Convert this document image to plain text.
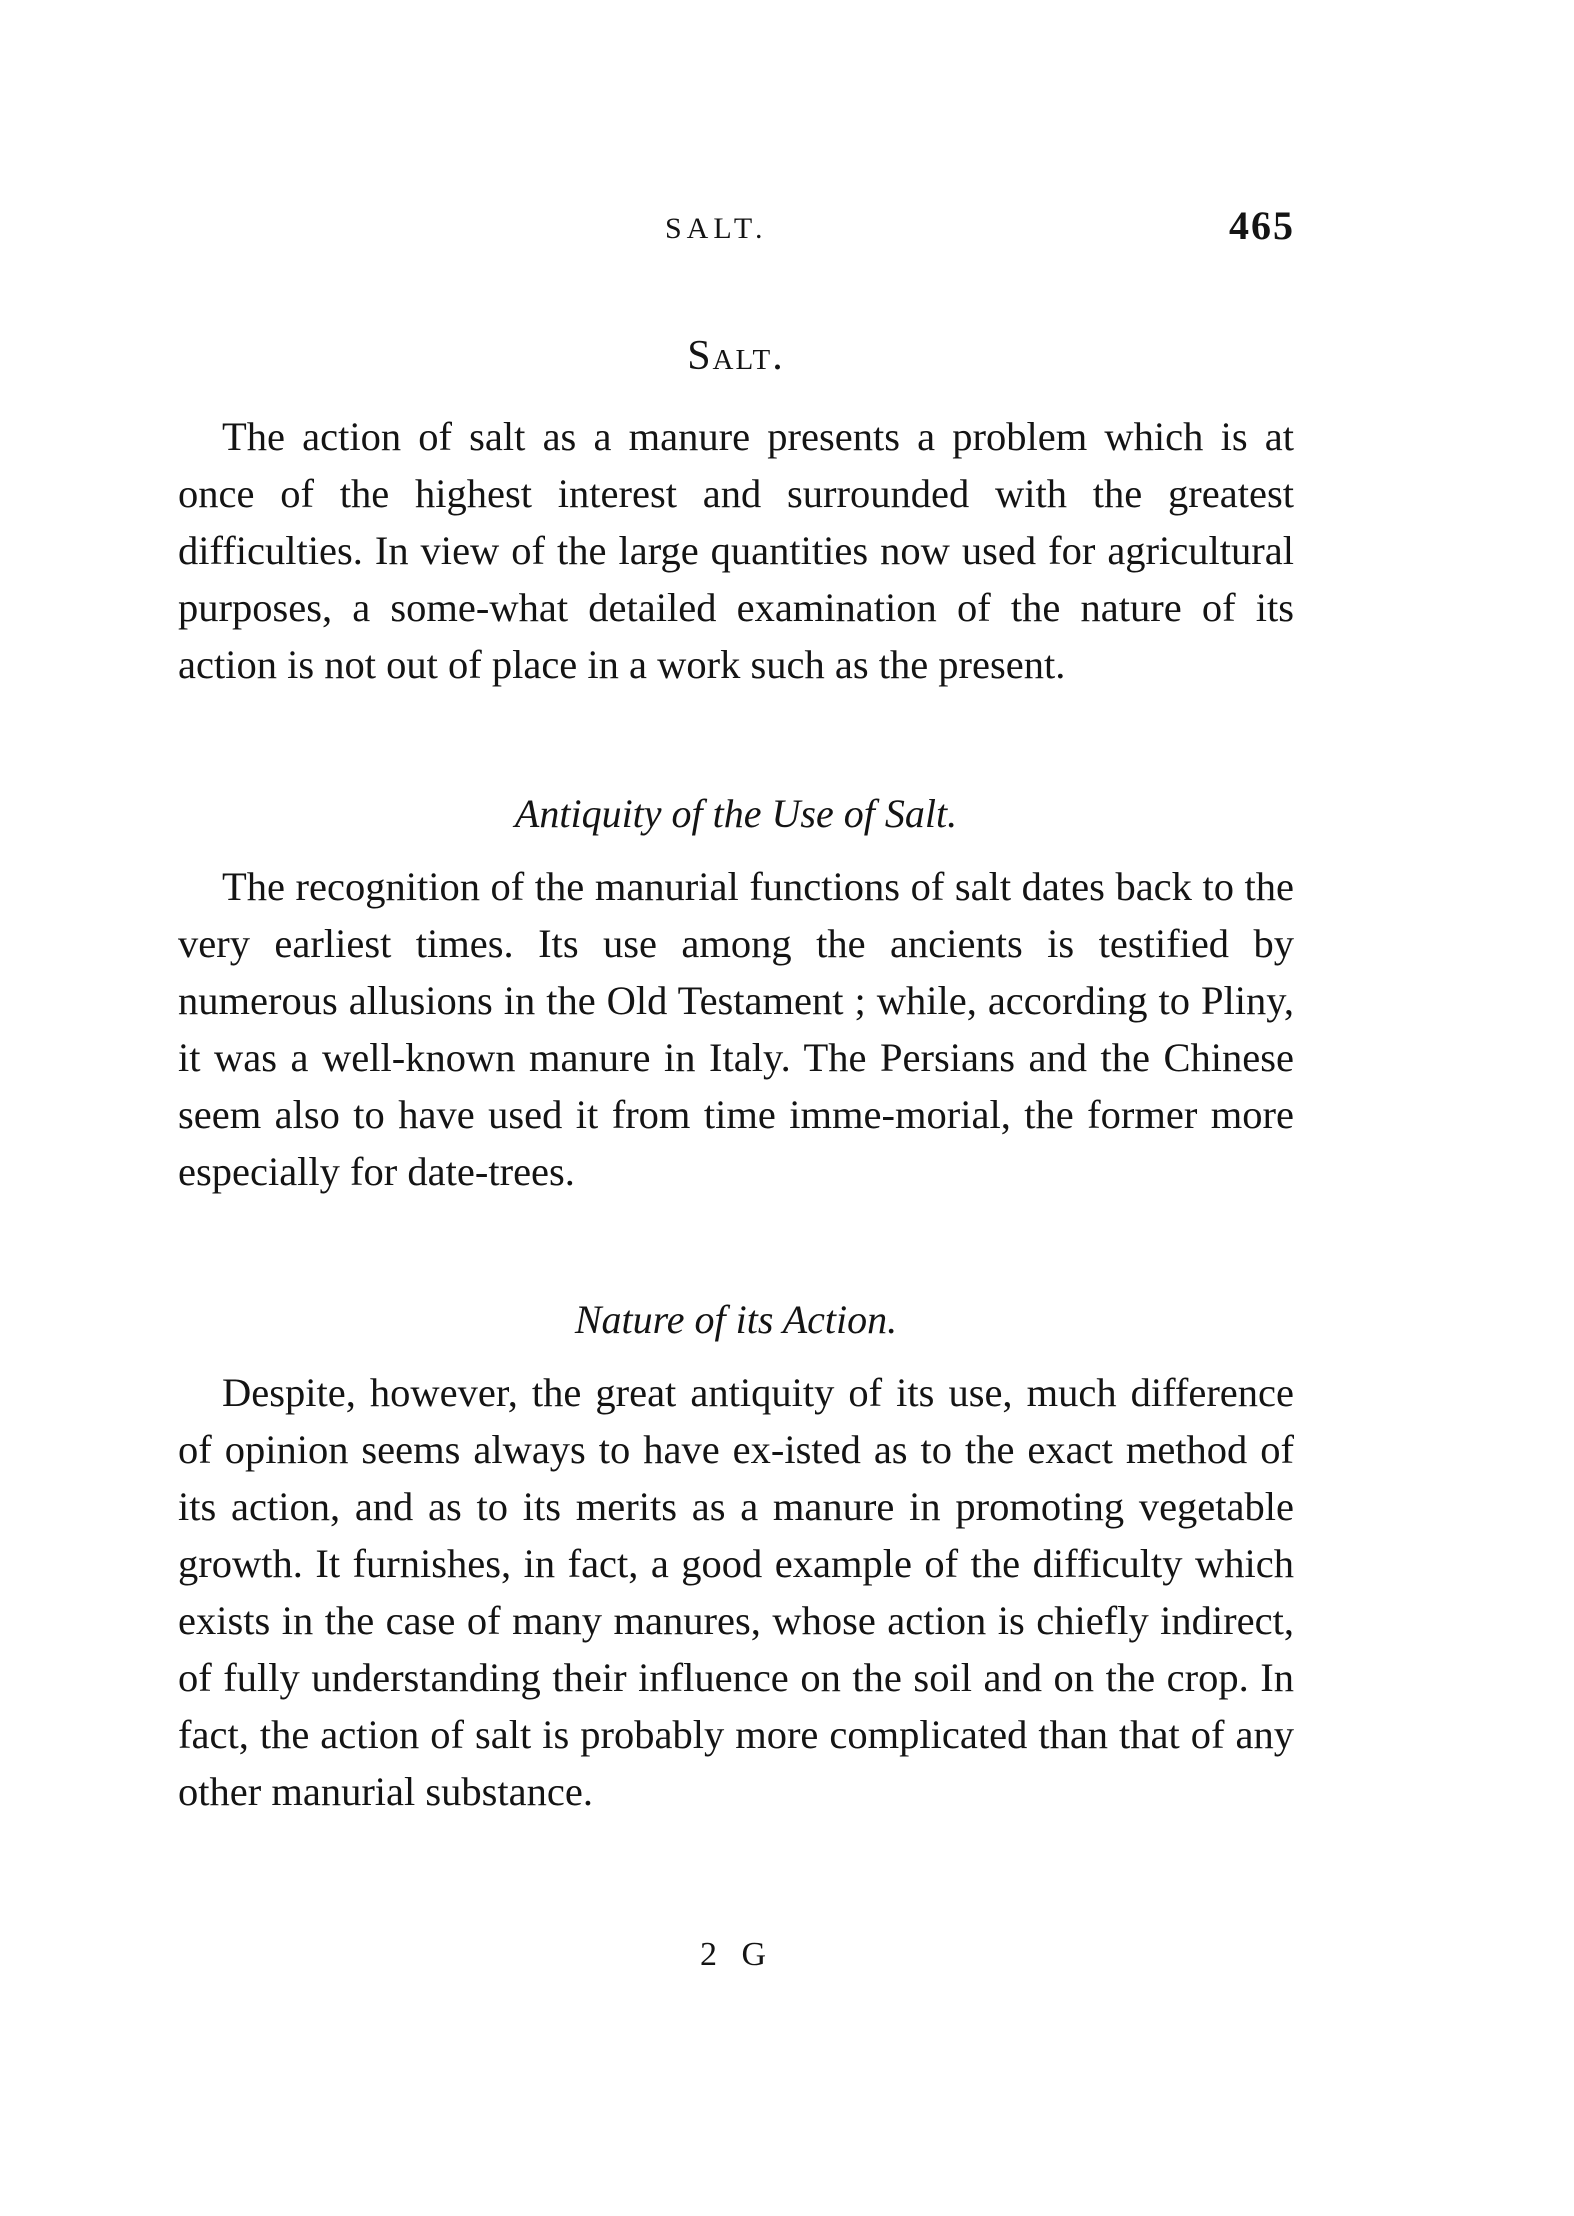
SALT.	465
Salt.

The action of salt as a manure presents a problem which is at once of the highest interest and surrounded with the greatest difficulties. In view of the large quantities now used for agricultural purposes, a some-what detailed examination of the nature of its action is not out of place in a work such as the present.

Antiquity of the Use of Salt.

The recognition of the manurial functions of salt dates back to the very earliest times. Its use among the ancients is testified by numerous allusions in the Old Testament ; while, according to Pliny, it was a well-known manure in Italy. The Persians and the Chinese seem also to have used it from time imme-morial, the former more especially for date-trees.

Nature of its Action.

Despite, however, the great antiquity of its use, much difference of opinion seems always to have ex-isted as to the exact method of its action, and as to its merits as a manure in promoting vegetable growth. It furnishes, in fact, a good example of the difficulty which exists in the case of many manures, whose action is chiefly indirect, of fully understanding their influence on the soil and on the crop. In fact, the action of salt is probably more complicated than that of any other manurial substance.

2 G
